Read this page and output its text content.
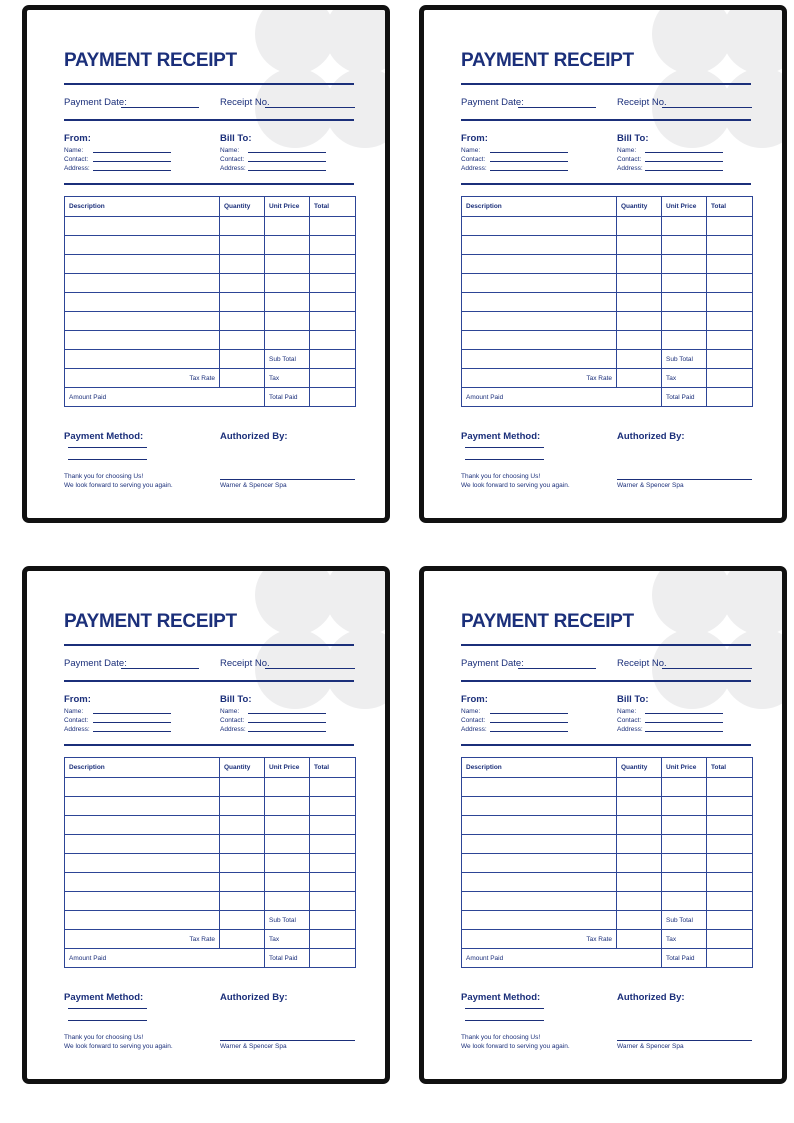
PAYMENT RECEIPT
Payment Date:	Receipt No.
From:
Name:
Contact:
Address:
Bill To:
Name:
Contact:
Address:
Description	Quantity	Unit Price	Total

		Sub Total	
Tax Rate		Tax	
Amount Paid		Total Paid	
Payment Method:	Authorized By:
Thank you for choosing Us!
We look forward to serving you again.	Warner & Spencer Spa
PAYMENT RECEIPT
Payment Date:	Receipt No.
From:
Name:
Contact:
Address:
Bill To:
Name:
Contact:
Address:
Description	Quantity	Unit Price	Total

		Sub Total	
Tax Rate		Tax	
Amount Paid		Total Paid	
Payment Method:	Authorized By:
Thank you for choosing Us!
We look forward to serving you again.	Warner & Spencer Spa
PAYMENT RECEIPT
Payment Date:	Receipt No.
From:
Name:
Contact:
Address:
Bill To:
Name:
Contact:
Address:
Description	Quantity	Unit Price	Total

		Sub Total	
Tax Rate		Tax	
Amount Paid		Total Paid	
Payment Method:	Authorized By:
Thank you for choosing Us!
We look forward to serving you again.	Warner & Spencer Spa
PAYMENT RECEIPT
Payment Date:	Receipt No.
From:
Name:
Contact:
Address:
Bill To:
Name:
Contact:
Address:
Description	Quantity	Unit Price	Total

		Sub Total	
Tax Rate		Tax	
Amount Paid		Total Paid	
Payment Method:	Authorized By:
Thank you for choosing Us!
We look forward to serving you again.	Warner & Spencer Spa
